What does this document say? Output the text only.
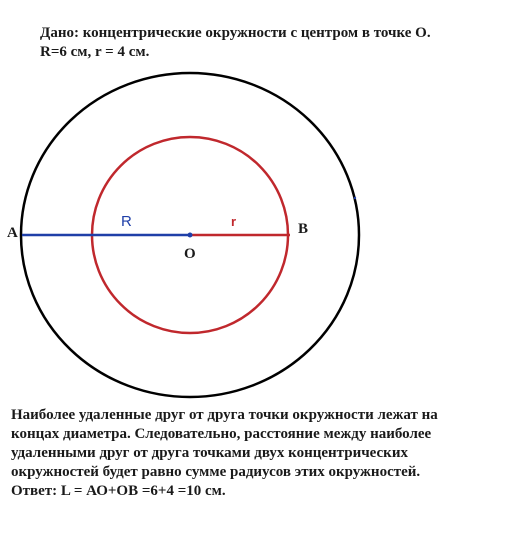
Дано: концентрические окружности с центром в точке О.
R=6 см, r = 4 см.
A	B
O
R	r
Наиболее удаленные друг от друга точки окружности лежат на
концах диаметра. Следовательно, расстояние между наиболее
удаленными друг от друга точками двух концентрических
окружностей будет равно сумме радиусов этих окружностей.
Ответ: L = АО+ОВ =6+4 =10 см.
